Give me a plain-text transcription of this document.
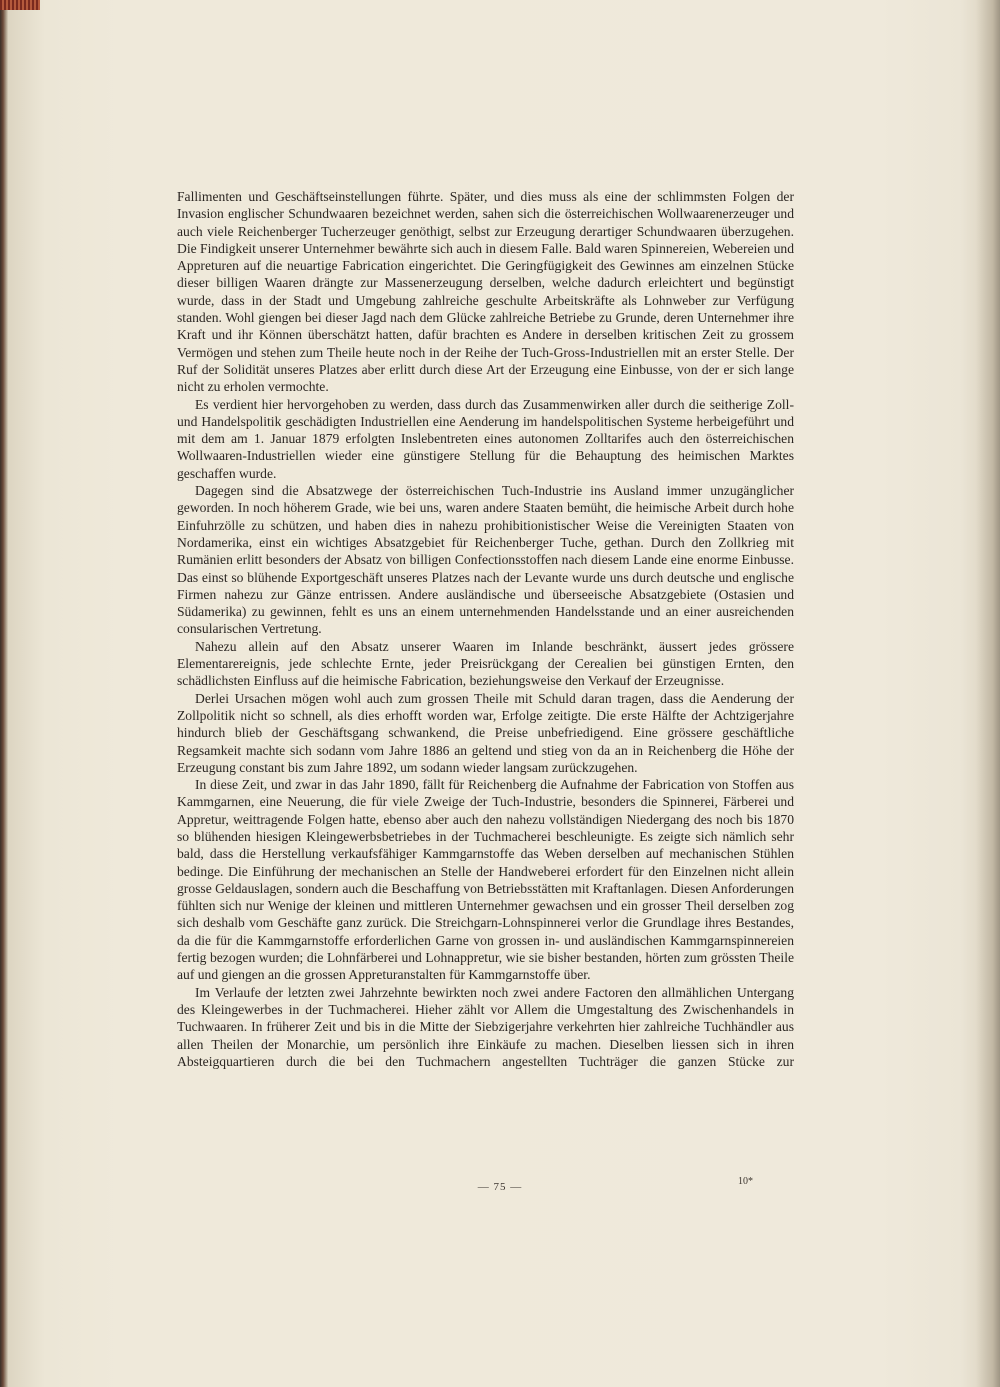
Fallimenten und Geschäftseinstellungen führte. Später, und dies muss als eine der schlimmsten Folgen der Invasion englischer Schundwaaren bezeichnet werden, sahen sich die österreichischen Wollwaarenerzeuger und auch viele Reichenberger Tucherzeuger genöthigt, selbst zur Erzeugung derartiger Schundwaaren überzugehen. Die Findigkeit unserer Unternehmer bewährte sich auch in diesem Falle. Bald waren Spinnereien, Webereien und Appreturen auf die neuartige Fabrication eingerichtet. Die Geringfügigkeit des Gewinnes am einzelnen Stücke dieser billigen Waaren drängte zur Massenerzeugung derselben, welche dadurch erleichtert und begünstigt wurde, dass in der Stadt und Umgebung zahlreiche geschulte Arbeitskräfte als Lohnweber zur Verfügung standen. Wohl giengen bei dieser Jagd nach dem Glücke zahlreiche Betriebe zu Grunde, deren Unternehmer ihre Kraft und ihr Können überschätzt hatten, dafür brachten es Andere in derselben kritischen Zeit zu grossem Vermögen und stehen zum Theile heute noch in der Reihe der Tuch-Gross-Industriellen mit an erster Stelle. Der Ruf der Solidität unseres Platzes aber erlitt durch diese Art der Erzeugung eine Einbusse, von der er sich lange nicht zu erholen vermochte.

Es verdient hier hervorgehoben zu werden, dass durch das Zusammenwirken aller durch die seitherige Zoll- und Handelspolitik geschädigten Industriellen eine Aenderung im handelspolitischen Systeme herbeigeführt und mit dem am 1. Januar 1879 erfolgten Inslebentreten eines autonomen Zolltarifes auch den österreichischen Wollwaaren-Industriellen wieder eine günstigere Stellung für die Behauptung des heimischen Marktes geschaffen wurde.

Dagegen sind die Absatzwege der österreichischen Tuch-Industrie ins Ausland immer unzugänglicher geworden. In noch höherem Grade, wie bei uns, waren andere Staaten bemüht, die heimische Arbeit durch hohe Einfuhrzölle zu schützen, und haben dies in nahezu prohibitionistischer Weise die Vereinigten Staaten von Nordamerika, einst ein wichtiges Absatzgebiet für Reichenberger Tuche, gethan. Durch den Zollkrieg mit Rumänien erlitt besonders der Absatz von billigen Confectionsstoffen nach diesem Lande eine enorme Einbusse. Das einst so blühende Exportgeschäft unseres Platzes nach der Levante wurde uns durch deutsche und englische Firmen nahezu zur Gänze entrissen. Andere ausländische und überseeische Absatzgebiete (Ostasien und Südamerika) zu gewinnen, fehlt es uns an einem unternehmenden Handelsstande und an einer ausreichenden consularischen Vertretung.

Nahezu allein auf den Absatz unserer Waaren im Inlande beschränkt, äussert jedes grössere Elementarereignis, jede schlechte Ernte, jeder Preisrückgang der Cerealien bei günstigen Ernten, den schädlichsten Einfluss auf die heimische Fabrication, beziehungsweise den Verkauf der Erzeugnisse.

Derlei Ursachen mögen wohl auch zum grossen Theile mit Schuld daran tragen, dass die Aenderung der Zollpolitik nicht so schnell, als dies erhofft worden war, Erfolge zeitigte. Die erste Hälfte der Achtzigerjahre hindurch blieb der Geschäftsgang schwankend, die Preise unbefriedigend. Eine grössere geschäftliche Regsamkeit machte sich sodann vom Jahre 1886 an geltend und stieg von da an in Reichenberg die Höhe der Erzeugung constant bis zum Jahre 1892, um sodann wieder langsam zurückzugehen.

In diese Zeit, und zwar in das Jahr 1890, fällt für Reichenberg die Aufnahme der Fabrication von Stoffen aus Kammgarnen, eine Neuerung, die für viele Zweige der Tuch-Industrie, besonders die Spinnerei, Färberei und Appretur, weittragende Folgen hatte, ebenso aber auch den nahezu vollständigen Niedergang des noch bis 1870 so blühenden hiesigen Kleingewerbsbetriebes in der Tuchmacherei beschleunigte. Es zeigte sich nämlich sehr bald, dass die Herstellung verkaufsfähiger Kammgarnstoffe das Weben derselben auf mechanischen Stühlen bedinge. Die Einführung der mechanischen an Stelle der Handweberei erfordert für den Einzelnen nicht allein grosse Geldauslagen, sondern auch die Beschaffung von Betriebsstätten mit Kraftanlagen. Diesen Anforderungen fühlten sich nur Wenige der kleinen und mittleren Unternehmer gewachsen und ein grosser Theil derselben zog sich deshalb vom Geschäfte ganz zurück. Die Streichgarn-Lohnspinnerei verlor die Grundlage ihres Bestandes, da die für die Kammgarnstoffe erforderlichen Garne von grossen in- und ausländischen Kammgarnspinnereien fertig bezogen wurden; die Lohnfärberei und Lohnappretur, wie sie bisher bestanden, hörten zum grössten Theile auf und giengen an die grossen Appreturanstalten für Kammgarnstoffe über.

Im Verlaufe der letzten zwei Jahrzehnte bewirkten noch zwei andere Factoren den allmählichen Untergang des Kleingewerbes in der Tuchmacherei. Hieher zählt vor Allem die Umgestaltung des Zwischenhandels in Tuchwaaren. In früherer Zeit und bis in die Mitte der Siebzigerjahre verkehrten hier zahlreiche Tuchhändler aus allen Theilen der Monarchie, um persönlich ihre Einkäufe zu machen. Dieselben liessen sich in ihren Absteigquartieren durch die bei den Tuchmachern angestellten Tuchträger die ganzen Stücke zur

— 75 —	10*
